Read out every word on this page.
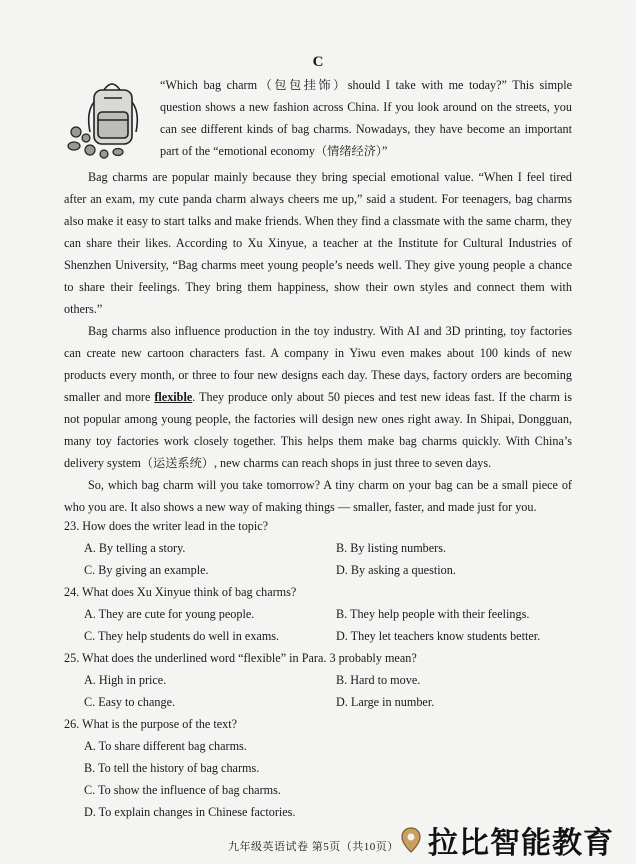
C

“Which bag charm（包包挂饰）should I take with me today?” This simple question shows a new fashion across China. If you look around on the streets, you can see different kinds of bag charms. Nowadays, they have become an important part of the “emotional economy（情绪经济）”

Bag charms are popular mainly because they bring special emotional value. “When I feel tired after an exam, my cute panda charm always cheers me up,” said a student. For teenagers, bag charms also make it easy to start talks and make friends. When they find a classmate with the same charm, they can share their likes. According to Xu Xinyue, a teacher at the Institute for Cultural Industries of Shenzhen University, “Bag charms meet young people’s needs well. They give young people a chance to share their feelings. They bring them happiness, show their own styles and connect them with others.”

Bag charms also influence production in the toy industry. With AI and 3D printing, toy factories can create new cartoon characters fast. A company in Yiwu even makes about 100 kinds of new products every month, or three to four new designs each day. These days, factory orders are becoming smaller and more flexible. They produce only about 50 pieces and test new ideas fast. If the charm is not popular among young people, the factories will design new ones right away. In Shipai, Dongguan, many toy factories work closely together. This helps them make bag charms quickly. With China’s delivery system（运送系统）, new charms can reach shops in just three to seven days.

So, which bag charm will you take tomorrow? A tiny charm on your bag can be a small piece of who you are. It also shows a new way of making things — smaller, faster, and made just for you.

23. How does the writer lead in the topic?
A. By telling a story.	B. By listing numbers.
C. By giving an example.	D. By asking a question.
24. What does Xu Xinyue think of bag charms?
A. They are cute for young people.	B. They help people with their feelings.
C. They help students do well in exams.	D. They let teachers know students better.
25. What does the underlined word “flexible” in Para. 3 probably mean?
A. High in price.	B. Hard to move.
C. Easy to change.	D. Large in number.
26. What is the purpose of the text?
A. To share different bag charms.
B. To tell the history of bag charms.
C. To show the influence of bag charms.
D. To explain changes in Chinese factories.
九年级英语试卷 第5页（共10页） 拉比智能教育
